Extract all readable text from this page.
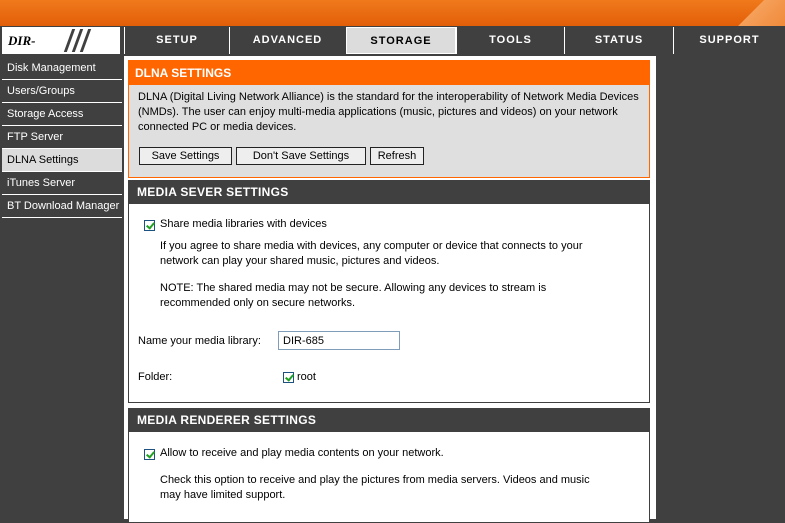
DIR-	SETUP	ADVANCED	STORAGE	TOOLS	STATUS	SUPPORT
Disk Management
Users/Groups
Storage Access
FTP Server
DLNA Settings
iTunes Server
BT Download Manager
DLNA SETTINGS
DLNA (Digital Living Network Alliance) is the standard for the interoperability of Network Media Devices (NMDs). The user can enjoy multi-media applications (music, pictures and videos) on your network connected PC or media devices.
Save Settings	Don't Save Settings	Refresh
MEDIA SEVER SETTINGS
Share media libraries with devices
If you agree to share media with devices, any computer or device that connects to your network can play your shared music, pictures and videos.
NOTE: The shared media may not be secure. Allowing any devices to stream is recommended only on secure networks.
Name your media library:
DIR-685
Folder:	root
MEDIA RENDERER SETTINGS
Allow to receive and play media contents on your network.
Check this option to receive and play the pictures from media servers. Videos and music may have limited support.
